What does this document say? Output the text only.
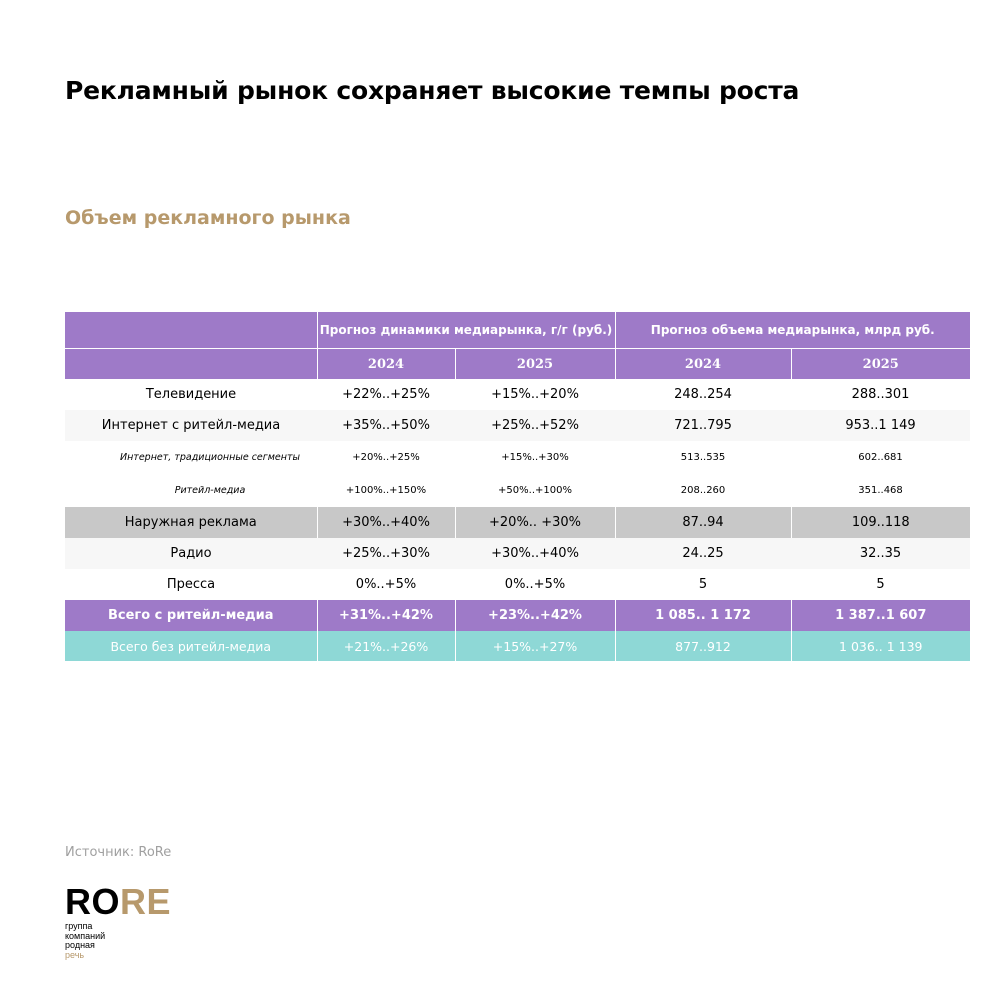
Рекламный рынок сохраняет высокие темпы роста
Объем рекламного рынка
	Прогноз динамики медиарынка, г/г (руб.)		Прогноз объема медиарынка, млрд руб.	
	2024	2025	2024	2025
Телевидение	+22%..+25%	+15%..+20%	248..254	288..301
Интернет с ритейл-медиа	+35%..+50%	+25%..+52%	721..795	953..1 149
Интернет, традиционные сегменты	+20%..+25%	+15%..+30%	513..535	602..681
Ритейл-медиа	+100%..+150%	+50%..+100%	208..260	351..468
Наружная реклама	+30%..+40%	+20%.. +30%	87..94	109..118
Радио	+25%..+30%	+30%..+40%	24..25	32..35
Пресса	0%..+5%	0%..+5%	5	5
Всего с ритейл-медиа	+31%..+42%	+23%..+42%	1 085.. 1 172	1 387..1 607
Всего без ритейл-медиа	+21%..+26%	+15%..+27%	877..912	1 036.. 1 139

Источник: RoRe

RORE
группа
компаний
родная
речь
